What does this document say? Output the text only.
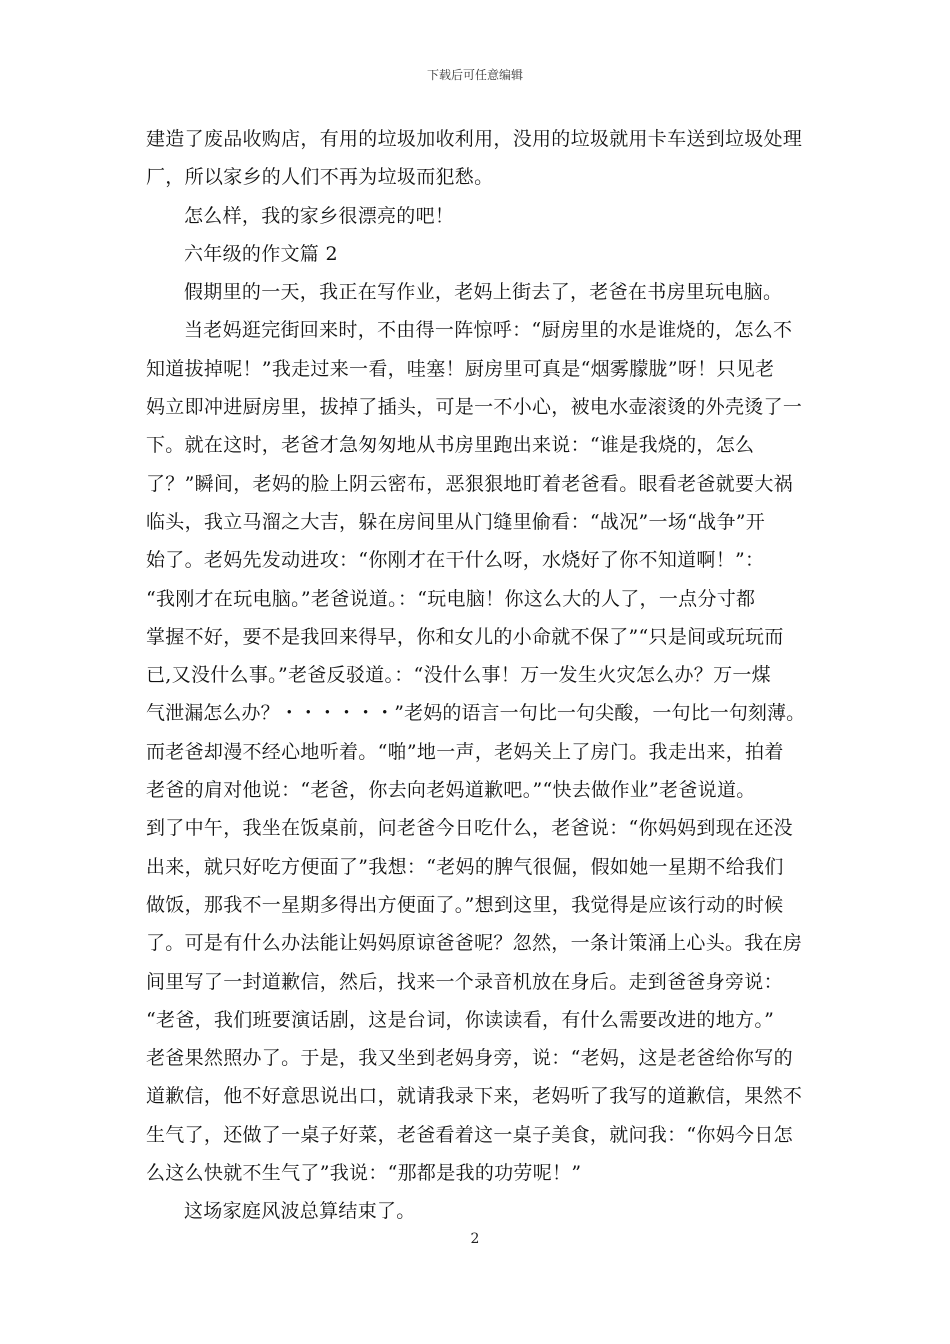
下载后可任意编辑
建造了废品收购店，有用的垃圾加收利用，没用的垃圾就用卡车送到垃圾处理
厂，所以家乡的人们不再为垃圾而犯愁。
怎么样，我的家乡很漂亮的吧！
六年级的作文篇 2
假期里的一天，我正在写作业，老妈上街去了，老爸在书房里玩电脑。
当老妈逛完街回来时，不由得一阵惊呼：“厨房里的水是谁烧的，怎么不
知道拔掉呢！”我走过来一看，哇塞！厨房里可真是“烟雾朦胧”呀！只见老
妈立即冲进厨房里，拔掉了插头，可是一不小心，被电水壶滚烫的外壳烫了一
下。就在这时，老爸才急匆匆地从书房里跑出来说：“谁是我烧的，怎么
了？”瞬间，老妈的脸上阴云密布，恶狠狠地盯着老爸看。眼看老爸就要大祸
临头，我立马溜之大吉，躲在房间里从门缝里偷看：“战况”一场“战争”开
始了。老妈先发动进攻：“你刚才在干什么呀，水烧好了你不知道啊！”：
“我刚才在玩电脑。”老爸说道。：“玩电脑！你这么大的人了，一点分寸都
掌握不好，要不是我回来得早，你和女儿的小命就不保了”“只是间或玩玩而
已,又没什么事。”老爸反驳道。：“没什么事！万一发生火灾怎么办？万一煤
气泄漏怎么办？・・・・・・”老妈的语言一句比一句尖酸，一句比一句刻薄。
而老爸却漫不经心地听着。“啪”地一声，老妈关上了房门。我走出来，拍着
老爸的肩对他说：“老爸，你去向老妈道歉吧。”“快去做作业”老爸说道。
到了中午，我坐在饭桌前，问老爸今日吃什么，老爸说：“你妈妈到现在还没
出来，就只好吃方便面了”我想：“老妈的脾气很倔，假如她一星期不给我们
做饭，那我不一星期多得出方便面了。”想到这里，我觉得是应该行动的时候
了。可是有什么办法能让妈妈原谅爸爸呢？忽然，一条计策涌上心头。我在房
间里写了一封道歉信，然后，找来一个录音机放在身后。走到爸爸身旁说：
“老爸，我们班要演话剧，这是台词，你读读看，有什么需要改进的地方。”
老爸果然照办了。于是，我又坐到老妈身旁，说：“老妈，这是老爸给你写的
道歉信，他不好意思说出口，就请我录下来，老妈听了我写的道歉信，果然不
生气了，还做了一桌子好菜，老爸看着这一桌子美食，就问我：“你妈今日怎
么这么快就不生气了”我说：“那都是我的功劳呢！”
这场家庭风波总算结束了。
2
